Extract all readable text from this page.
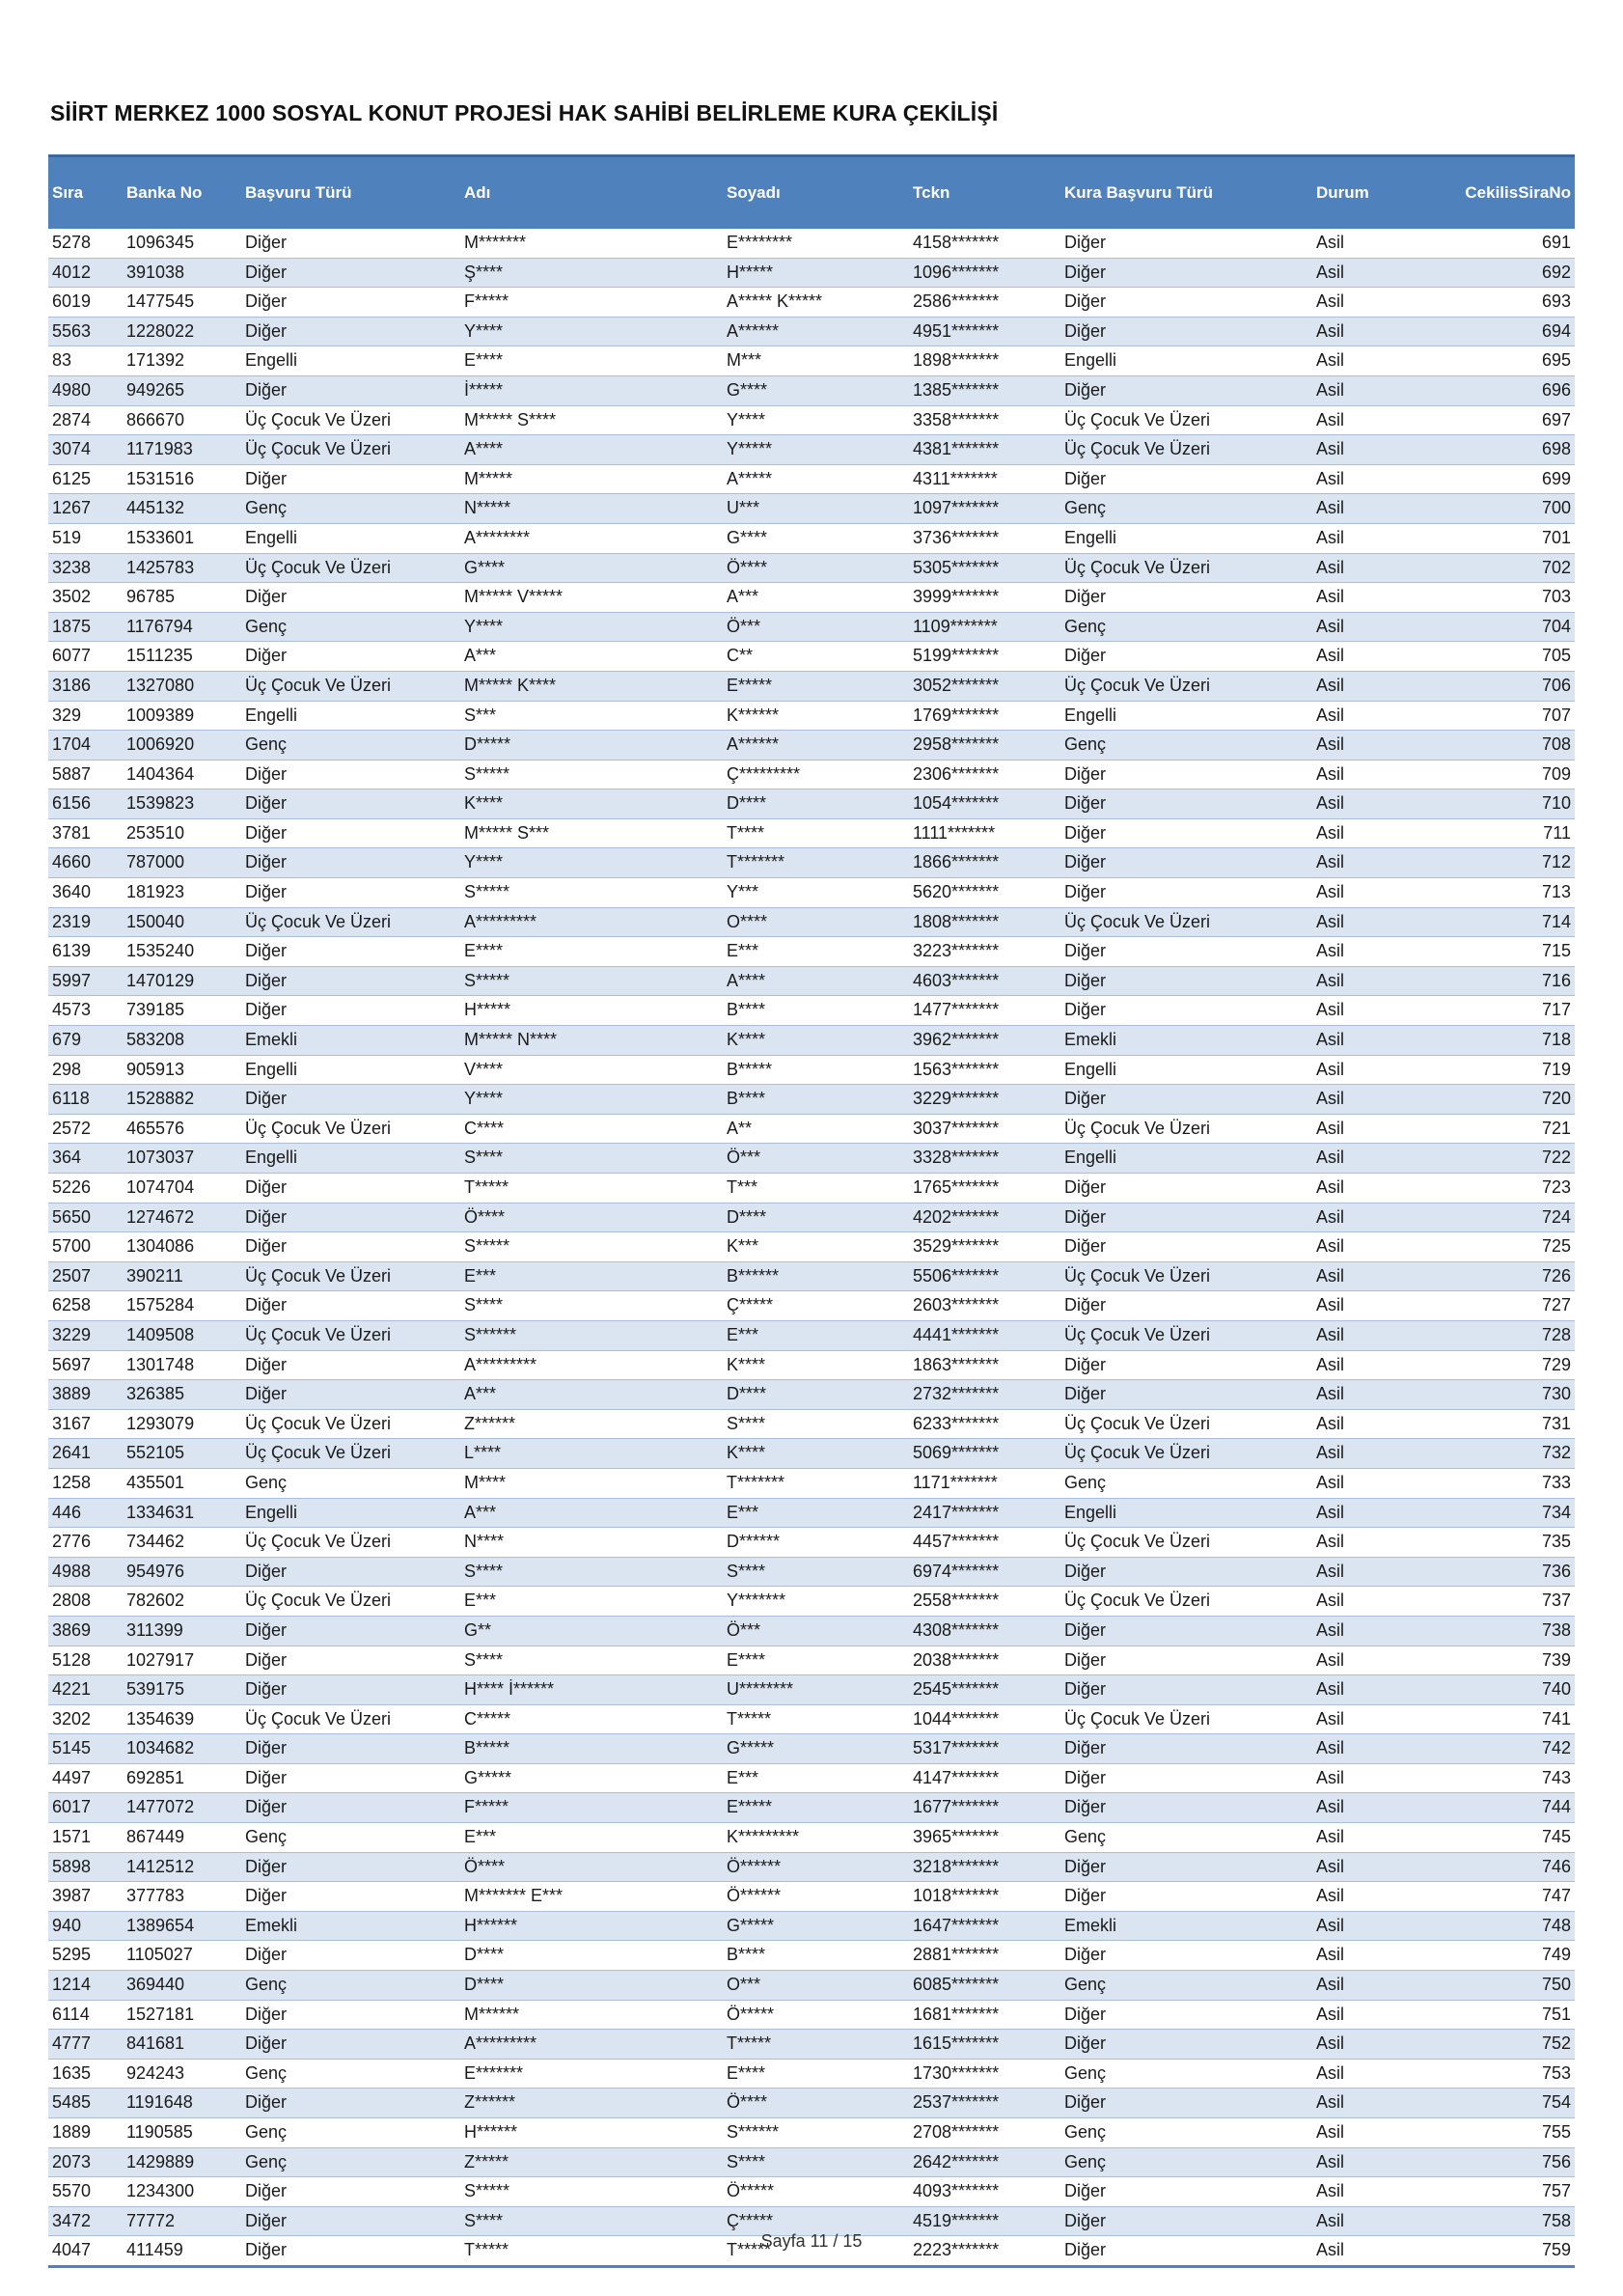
SİİRT MERKEZ 1000 SOSYAL KONUT PROJESİ HAK SAHİBİ BELİRLEME KURA ÇEKİLİŞİ
Sıra	Banka No	Başvuru Türü	Adı	Soyadı	Tckn	Kura Başvuru Türü	Durum	CekilisSiraNo
5278	1096345	Diğer	M*******	E********	4158*******	Diğer	Asil	691
4012	391038	Diğer	Ş****	H*****	1096*******	Diğer	Asil	692
6019	1477545	Diğer	F*****	A***** K*****	2586*******	Diğer	Asil	693
5563	1228022	Diğer	Y****	A******	4951*******	Diğer	Asil	694
83	171392	Engelli	E****	M***	1898*******	Engelli	Asil	695
4980	949265	Diğer	İ*****	G****	1385*******	Diğer	Asil	696
2874	866670	Üç Çocuk Ve Üzeri	M***** S****	Y****	3358*******	Üç Çocuk Ve Üzeri	Asil	697
3074	1171983	Üç Çocuk Ve Üzeri	A****	Y*****	4381*******	Üç Çocuk Ve Üzeri	Asil	698
6125	1531516	Diğer	M*****	A*****	4311*******	Diğer	Asil	699
1267	445132	Genç	N*****	U***	1097*******	Genç	Asil	700
519	1533601	Engelli	A********	G****	3736*******	Engelli	Asil	701
3238	1425783	Üç Çocuk Ve Üzeri	G****	Ö****	5305*******	Üç Çocuk Ve Üzeri	Asil	702
3502	96785	Diğer	M***** V*****	A***	3999*******	Diğer	Asil	703
1875	1176794	Genç	Y****	Ö***	1109*******	Genç	Asil	704
6077	1511235	Diğer	A***	C**	5199*******	Diğer	Asil	705
3186	1327080	Üç Çocuk Ve Üzeri	M***** K****	E*****	3052*******	Üç Çocuk Ve Üzeri	Asil	706
329	1009389	Engelli	S***	K******	1769*******	Engelli	Asil	707
1704	1006920	Genç	D*****	A******	2958*******	Genç	Asil	708
5887	1404364	Diğer	S*****	Ç*********	2306*******	Diğer	Asil	709
6156	1539823	Diğer	K****	D****	1054*******	Diğer	Asil	710
3781	253510	Diğer	M***** S***	T****	1111*******	Diğer	Asil	711
4660	787000	Diğer	Y****	T*******	1866*******	Diğer	Asil	712
3640	181923	Diğer	S*****	Y***	5620*******	Diğer	Asil	713
2319	150040	Üç Çocuk Ve Üzeri	A*********	O****	1808*******	Üç Çocuk Ve Üzeri	Asil	714
6139	1535240	Diğer	E****	E***	3223*******	Diğer	Asil	715
5997	1470129	Diğer	S*****	A****	4603*******	Diğer	Asil	716
4573	739185	Diğer	H*****	B****	1477*******	Diğer	Asil	717
679	583208	Emekli	M***** N****	K****	3962*******	Emekli	Asil	718
298	905913	Engelli	V****	B*****	1563*******	Engelli	Asil	719
6118	1528882	Diğer	Y****	B****	3229*******	Diğer	Asil	720
2572	465576	Üç Çocuk Ve Üzeri	C****	A**	3037*******	Üç Çocuk Ve Üzeri	Asil	721
364	1073037	Engelli	S****	Ö***	3328*******	Engelli	Asil	722
5226	1074704	Diğer	T*****	T***	1765*******	Diğer	Asil	723
5650	1274672	Diğer	Ö****	D****	4202*******	Diğer	Asil	724
5700	1304086	Diğer	S*****	K***	3529*******	Diğer	Asil	725
2507	390211	Üç Çocuk Ve Üzeri	E***	B******	5506*******	Üç Çocuk Ve Üzeri	Asil	726
6258	1575284	Diğer	S****	Ç*****	2603*******	Diğer	Asil	727
3229	1409508	Üç Çocuk Ve Üzeri	S******	E***	4441*******	Üç Çocuk Ve Üzeri	Asil	728
5697	1301748	Diğer	A*********	K****	1863*******	Diğer	Asil	729
3889	326385	Diğer	A***	D****	2732*******	Diğer	Asil	730
3167	1293079	Üç Çocuk Ve Üzeri	Z******	S****	6233*******	Üç Çocuk Ve Üzeri	Asil	731
2641	552105	Üç Çocuk Ve Üzeri	L****	K****	5069*******	Üç Çocuk Ve Üzeri	Asil	732
1258	435501	Genç	M****	T*******	1171*******	Genç	Asil	733
446	1334631	Engelli	A***	E***	2417*******	Engelli	Asil	734
2776	734462	Üç Çocuk Ve Üzeri	N****	D******	4457*******	Üç Çocuk Ve Üzeri	Asil	735
4988	954976	Diğer	S****	S****	6974*******	Diğer	Asil	736
2808	782602	Üç Çocuk Ve Üzeri	E***	Y*******	2558*******	Üç Çocuk Ve Üzeri	Asil	737
3869	311399	Diğer	G**	Ö***	4308*******	Diğer	Asil	738
5128	1027917	Diğer	S****	E****	2038*******	Diğer	Asil	739
4221	539175	Diğer	H**** İ******	U********	2545*******	Diğer	Asil	740
3202	1354639	Üç Çocuk Ve Üzeri	C*****	T*****	1044*******	Üç Çocuk Ve Üzeri	Asil	741
5145	1034682	Diğer	B*****	G*****	5317*******	Diğer	Asil	742
4497	692851	Diğer	G*****	E***	4147*******	Diğer	Asil	743
6017	1477072	Diğer	F*****	E*****	1677*******	Diğer	Asil	744
1571	867449	Genç	E***	K*********	3965*******	Genç	Asil	745
5898	1412512	Diğer	Ö****	Ö******	3218*******	Diğer	Asil	746
3987	377783	Diğer	M******* E***	Ö******	1018*******	Diğer	Asil	747
940	1389654	Emekli	H******	G*****	1647*******	Emekli	Asil	748
5295	1105027	Diğer	D****	B****	2881*******	Diğer	Asil	749
1214	369440	Genç	D****	O***	6085*******	Genç	Asil	750
6114	1527181	Diğer	M******	Ö*****	1681*******	Diğer	Asil	751
4777	841681	Diğer	A*********	T*****	1615*******	Diğer	Asil	752
1635	924243	Genç	E*******	E****	1730*******	Genç	Asil	753
5485	1191648	Diğer	Z******	Ö****	2537*******	Diğer	Asil	754
1889	1190585	Genç	H******	S******	2708*******	Genç	Asil	755
2073	1429889	Genç	Z*****	S****	2642*******	Genç	Asil	756
5570	1234300	Diğer	S*****	Ö*****	4093*******	Diğer	Asil	757
3472	77772	Diğer	S****	Ç*****	4519*******	Diğer	Asil	758
4047	411459	Diğer	T*****	T*****	2223*******	Diğer	Asil	759
Sayfa 11 / 15
